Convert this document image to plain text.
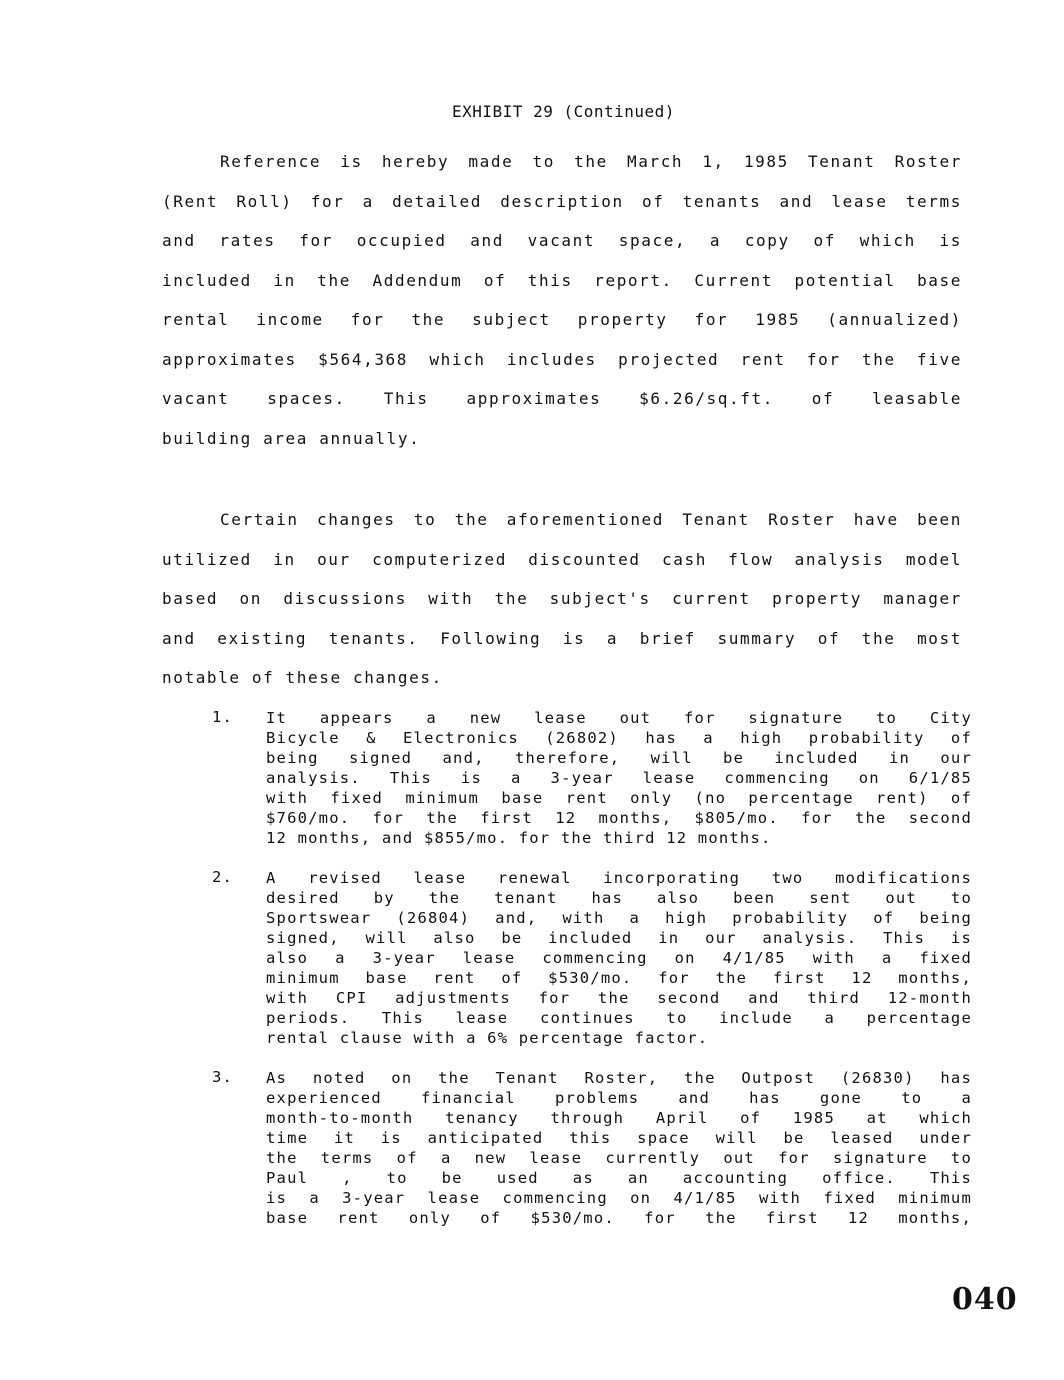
EXHIBIT 29 (Continued)
Reference is hereby made to the March 1, 1985 Tenant Roster
(Rent Roll) for a detailed description of tenants and lease terms
and rates for occupied and vacant space, a copy of which is
included in the Addendum of this report. Current potential base
rental income for the subject property for 1985 (annualized)
approximates $564,368 which includes projected rent for the five
vacant spaces. This approximates $6.26/sq.ft. of leasable
building area annually.
Certain changes to the aforementioned Tenant Roster have been
utilized in our computerized discounted cash flow analysis model
based on discussions with the subject's current property manager
and existing tenants. Following is a brief summary of the most
notable of these changes.
1.	It appears a new lease out for signature to City
Bicycle & Electronics (26802) has a high probability of
being signed and, therefore, will be included in our
analysis. This is a 3-year lease commencing on 6/1/85
with fixed minimum base rent only (no percentage rent) of
$760/mo. for the first 12 months, $805/mo. for the second
12 months, and $855/mo. for the third 12 months.
2.	A revised lease renewal incorporating two modifications
desired by the tenant has also been sent out to
Sportswear (26804) and, with a high probability of being
signed, will also be included in our analysis. This is
also a 3-year lease commencing on 4/1/85 with a fixed
minimum base rent of $530/mo. for the first 12 months,
with CPI adjustments for the second and third 12-month
periods. This lease continues to include a percentage
rental clause with a 6% percentage factor.
3.	As noted on the Tenant Roster, the Outpost (26830) has
experienced financial problems and has gone to a
month-to-month tenancy through April of 1985 at which
time it is anticipated this space will be leased under
the terms of a new lease currently out for signature to
Paul , to be used as an accounting office. This
is a 3-year lease commencing on 4/1/85 with fixed minimum
base rent only of $530/mo. for the first 12 months,
040
